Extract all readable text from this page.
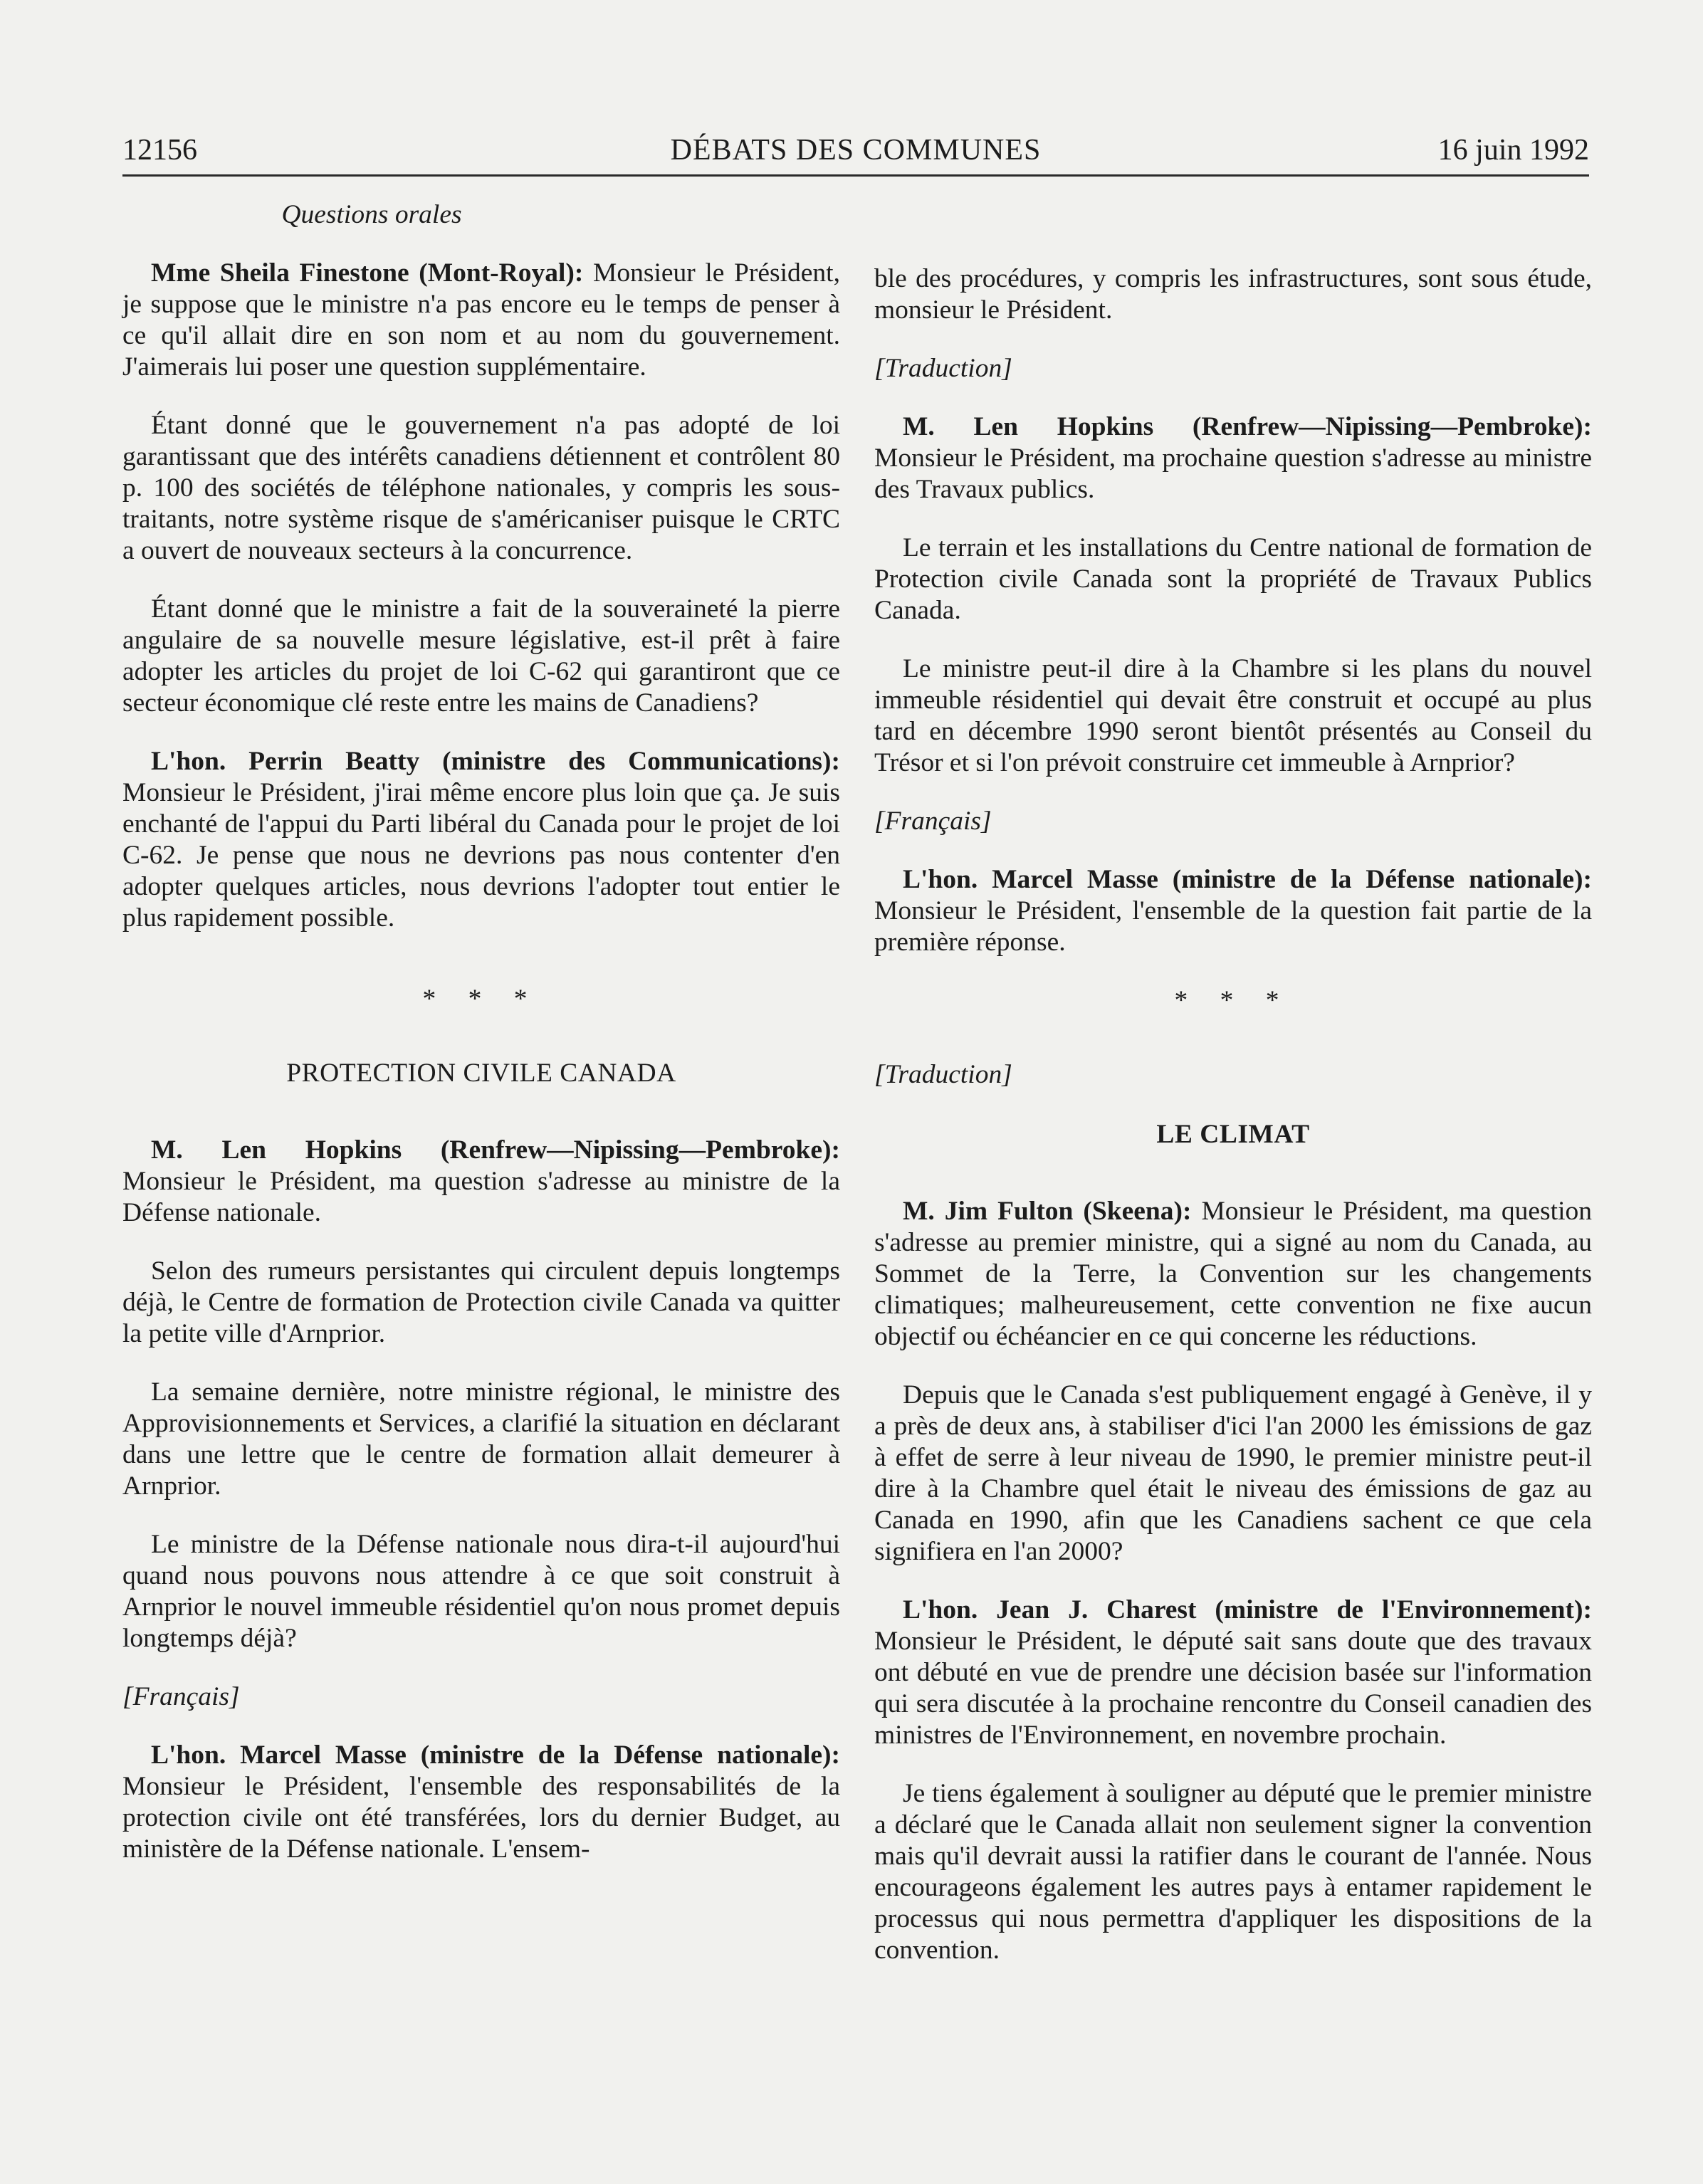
12156	DÉBATS DES COMMUNES	16 juin 1992
Questions orales

Mme Sheila Finestone (Mont-Royal): Monsieur le Président, je suppose que le ministre n'a pas encore eu le temps de penser à ce qu'il allait dire en son nom et au nom du gouvernement. J'aimerais lui poser une question supplémentaire.

Étant donné que le gouvernement n'a pas adopté de loi garantissant que des intérêts canadiens détiennent et contrôlent 80 p. 100 des sociétés de téléphone nationales, y compris les sous-traitants, notre système risque de s'américaniser puisque le CRTC a ouvert de nouveaux secteurs à la concurrence.

Étant donné que le ministre a fait de la souveraineté la pierre angulaire de sa nouvelle mesure législative, est-il prêt à faire adopter les articles du projet de loi C-62 qui garantiront que ce secteur économique clé reste entre les mains de Canadiens?

L'hon. Perrin Beatty (ministre des Communications): Monsieur le Président, j'irai même encore plus loin que ça. Je suis enchanté de l'appui du Parti libéral du Canada pour le projet de loi C-62. Je pense que nous ne devrions pas nous contenter d'en adopter quelques articles, nous devrions l'adopter tout entier le plus rapidement possible.

* * *
PROTECTION CIVILE CANADA

M. Len Hopkins (Renfrew—Nipissing—Pembroke): Monsieur le Président, ma question s'adresse au ministre de la Défense nationale.

Selon des rumeurs persistantes qui circulent depuis longtemps déjà, le Centre de formation de Protection civile Canada va quitter la petite ville d'Arnprior.

La semaine dernière, notre ministre régional, le ministre des Approvisionnements et Services, a clarifié la situation en déclarant dans une lettre que le centre de formation allait demeurer à Arnprior.

Le ministre de la Défense nationale nous dira-t-il aujourd'hui quand nous pouvons nous attendre à ce que soit construit à Arnprior le nouvel immeuble résidentiel qu'on nous promet depuis longtemps déjà?

[Français]

L'hon. Marcel Masse (ministre de la Défense nationale): Monsieur le Président, l'ensemble des responsabilités de la protection civile ont été transférées, lors du dernier Budget, au ministère de la Défense nationale. L'ensem-

ble des procédures, y compris les infrastructures, sont sous étude, monsieur le Président.

[Traduction]

M. Len Hopkins (Renfrew—Nipissing—Pembroke): Monsieur le Président, ma prochaine question s'adresse au ministre des Travaux publics.

Le terrain et les installations du Centre national de formation de Protection civile Canada sont la propriété de Travaux Publics Canada.

Le ministre peut-il dire à la Chambre si les plans du nouvel immeuble résidentiel qui devait être construit et occupé au plus tard en décembre 1990 seront bientôt présentés au Conseil du Trésor et si l'on prévoit construire cet immeuble à Arnprior?

[Français]

L'hon. Marcel Masse (ministre de la Défense nationale): Monsieur le Président, l'ensemble de la question fait partie de la première réponse.

* * *
[Traduction]
LE CLIMAT

M. Jim Fulton (Skeena): Monsieur le Président, ma question s'adresse au premier ministre, qui a signé au nom du Canada, au Sommet de la Terre, la Convention sur les changements climatiques; malheureusement, cette convention ne fixe aucun objectif ou échéancier en ce qui concerne les réductions.

Depuis que le Canada s'est publiquement engagé à Genève, il y a près de deux ans, à stabiliser d'ici l'an 2000 les émissions de gaz à effet de serre à leur niveau de 1990, le premier ministre peut-il dire à la Chambre quel était le niveau des émissions de gaz au Canada en 1990, afin que les Canadiens sachent ce que cela signifiera en l'an 2000?

L'hon. Jean J. Charest (ministre de l'Environnement): Monsieur le Président, le député sait sans doute que des travaux ont débuté en vue de prendre une décision basée sur l'information qui sera discutée à la prochaine rencontre du Conseil canadien des ministres de l'Environnement, en novembre prochain.

Je tiens également à souligner au député que le premier ministre a déclaré que le Canada allait non seulement signer la convention mais qu'il devrait aussi la ratifier dans le courant de l'année. Nous encourageons également les autres pays à entamer rapidement le processus qui nous permettra d'appliquer les dispositions de la convention.
